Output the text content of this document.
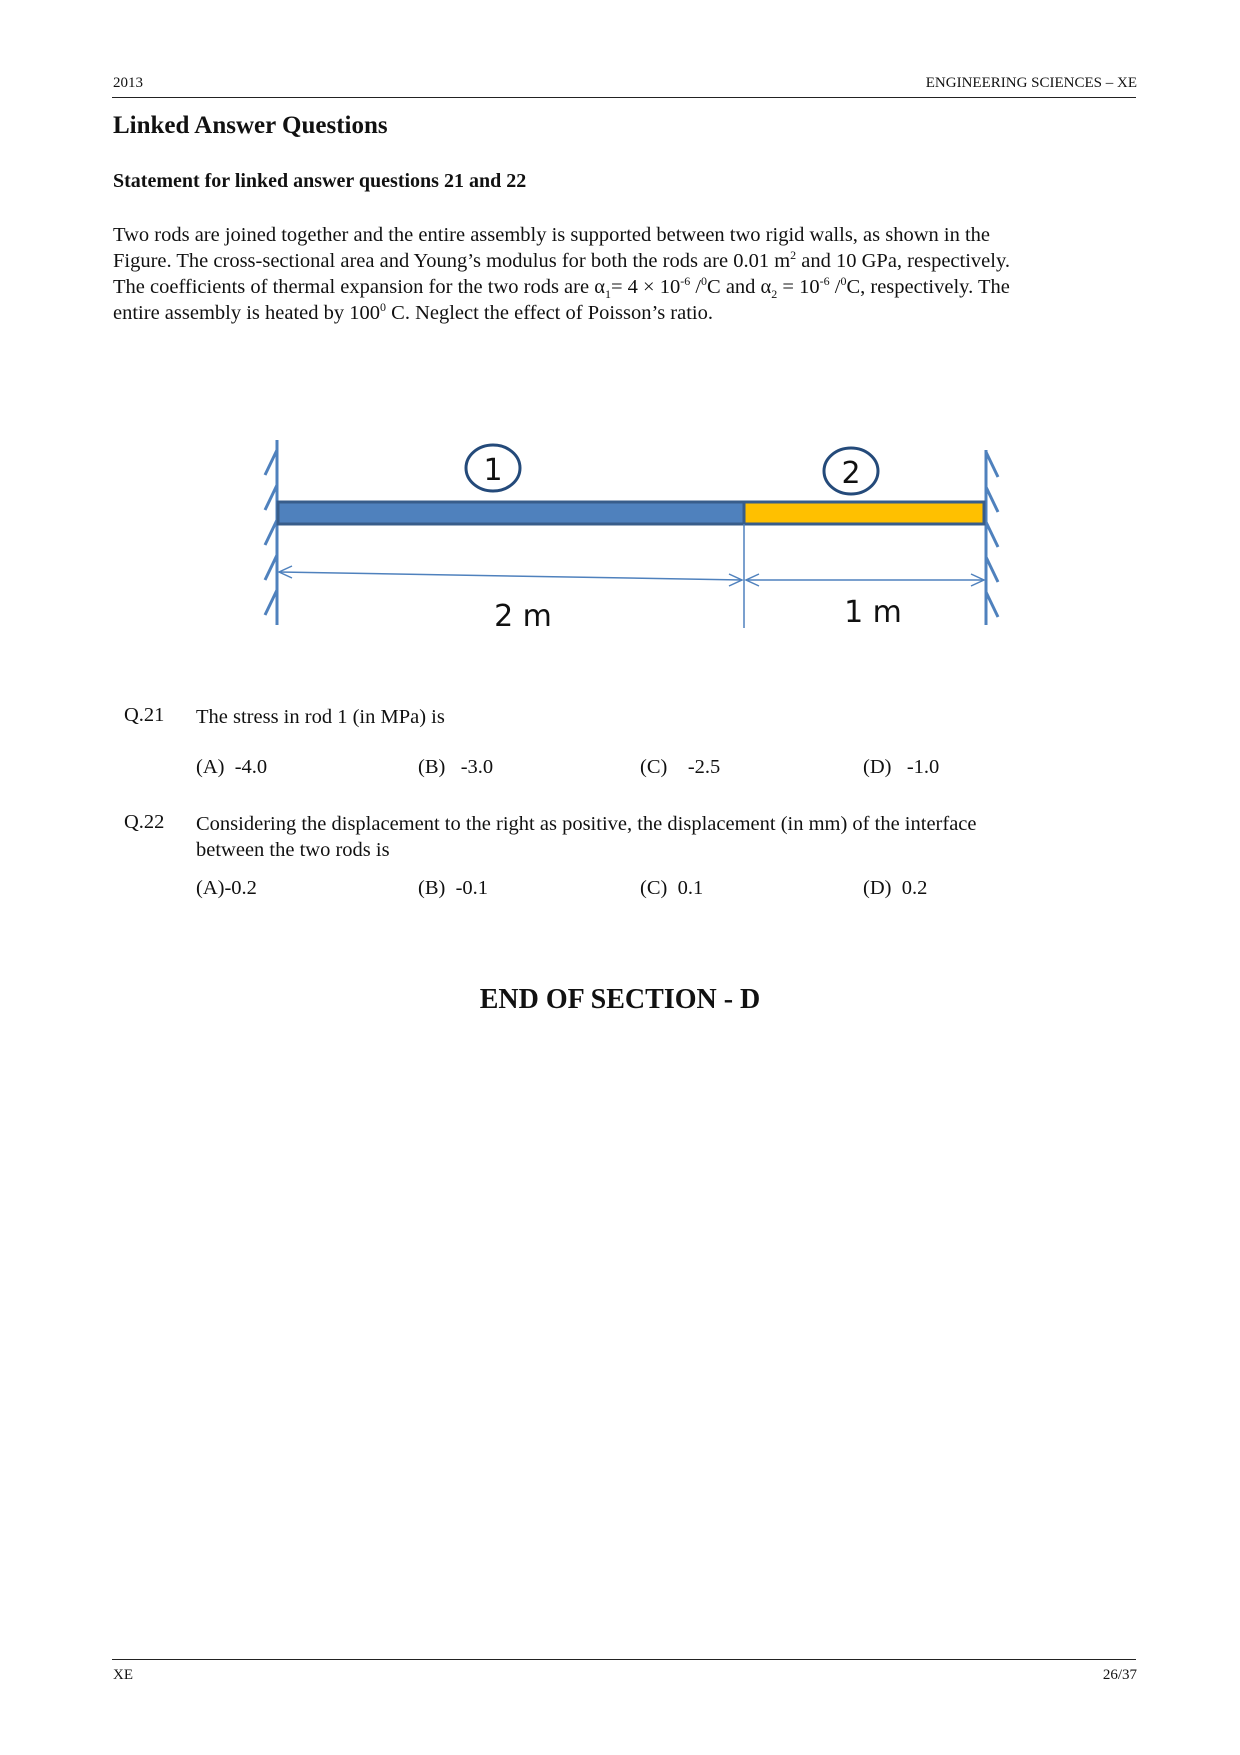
2013	ENGINEERING SCIENCES – XE
Linked Answer Questions
Statement for linked answer questions 21 and 22
Two rods are joined together and the entire assembly is supported between two rigid walls, as shown in the
Figure. The cross-sectional area and Young’s modulus for both the rods are 0.01 $m^2$ and 10 GPa, respectively.
The coefficients of thermal expansion for the two rods are $\alpha_1= 4 \times 10^{-6}$ /$^0$C and $\alpha_2 = 10^{-6}$ /$^0$C, respectively. The
entire assembly is heated by $100^0$ C. Neglect the effect of Poisson’s ratio.
1	2
2 m	1 m
Q.21 The stress in rod 1 (in MPa) is
(A)  -4.0	(B)   -3.0	(C)    -2.5	(D)   -1.0
Q.22 Considering the displacement to the right as positive, the displacement (in mm) of the interface
between the two rods is
(A)-0.2	(B)  -0.1	(C)  0.1	(D)  0.2
END OF SECTION - D
XE	26/37
